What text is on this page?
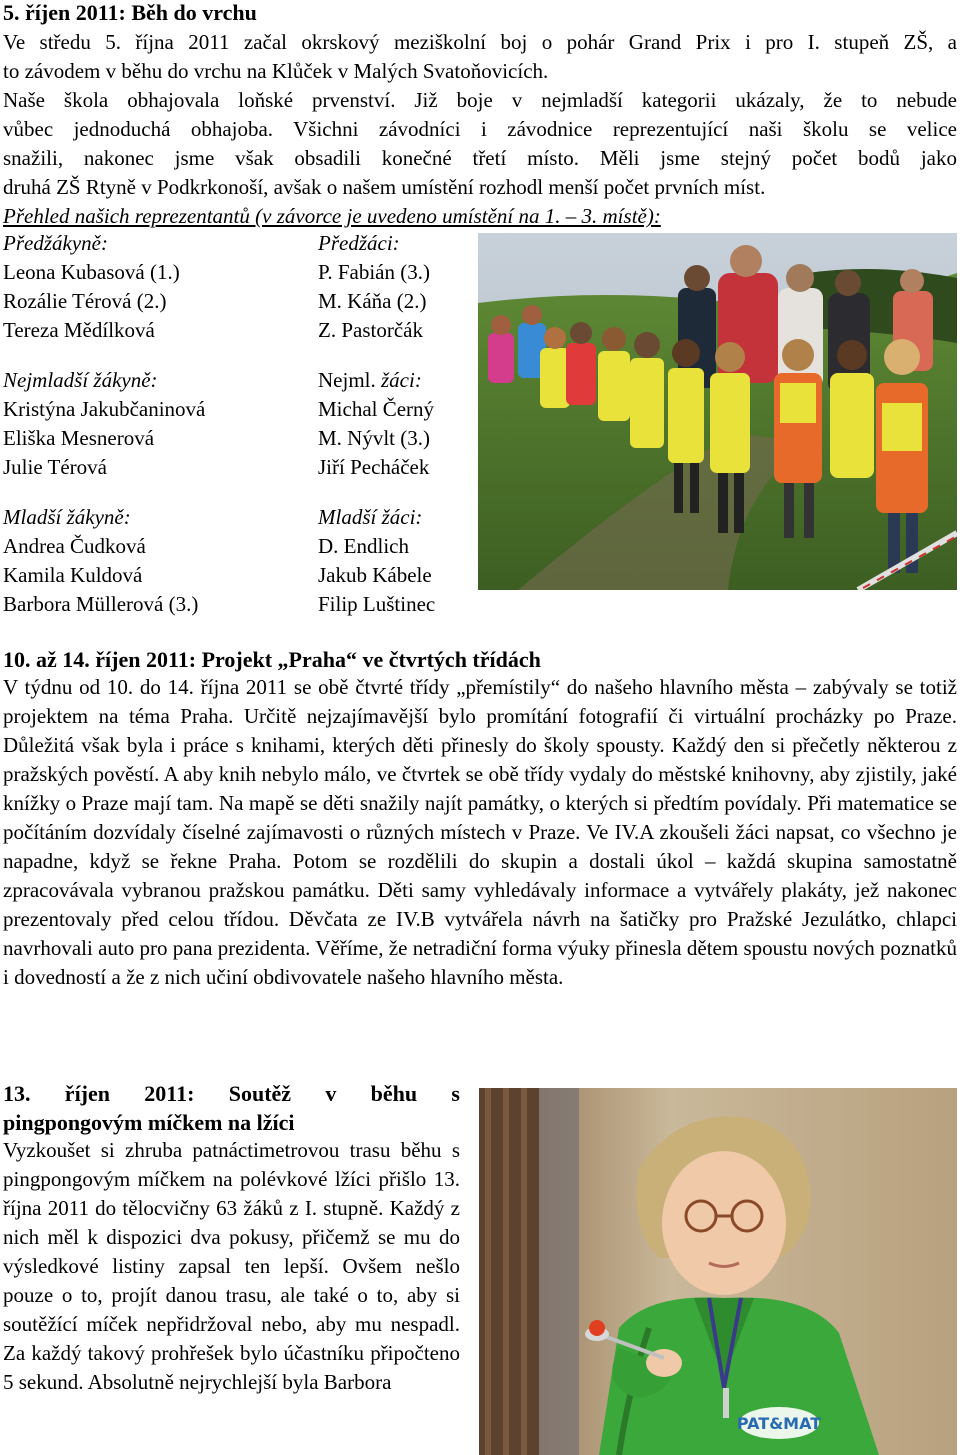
5. říjen 2011: Běh do vrchu
Ve středu 5. října 2011 začal okrskový meziškolní boj o pohár Grand Prix i pro I. stupeň ZŠ, a
to závodem v běhu do vrchu na Klůček v Malých Svatoňovicích.
Naše škola obhajovala loňské prvenství. Již boje v nejmladší kategorii ukázaly, že to nebude
vůbec jednoduchá obhajoba. Všichni závodníci i závodnice reprezentující naši školu se velice
snažili, nakonec jsme však obsadili konečné třetí místo. Měli jsme stejný počet bodů jako
druhá ZŠ Rtyně v Podkrkonoší, avšak o našem umístění rozhodl menší počet prvních míst.
Přehled našich reprezentantů (v závorce je uvedeno umístění na 1. – 3. místě):
Předžákyně:	Předžáci:
Leona Kubasová (1.)	P. Fabián (3.)
Rozálie Térová (2.)	M. Káňa (2.)
Tereza Mědílková	Z. Pastorčák
Nejmladší žákyně:	Nejml. žáci:
Kristýna Jakubčaninová	Michal Černý
Eliška Mesnerová	M. Nývlt (3.)
Julie Térová	Jiří Pecháček
Mladší žákyně:	Mladší žáci:
Andrea Čudková	D. Endlich
Kamila Kuldová	Jakub Kábele
Barbora Müllerová (3.)	Filip Luštinec
10. až 14. říjen 2011: Projekt „Praha“ ve čtvrtých třídách
V týdnu od 10. do 14. října 2011 se obě čtvrté třídy „přemístily“ do našeho hlavního města – zabývaly se totiž projektem na téma Praha. Určitě nejzajímavější bylo promítání fotografií či virtuální procházky po Praze. Důležitá však byla i práce s knihami, kterých děti přinesly do školy spousty. Každý den si přečetly některou z pražských pověstí. A aby knih nebylo málo, ve čtvrtek se obě třídy vydaly do městské knihovny, aby zjistily, jaké knížky o Praze mají tam. Na mapě se děti snažily najít památky, o kterých si předtím povídaly. Při matematice se počítáním dozvídaly číselné zajímavosti o různých místech v Praze. Ve IV.A zkoušeli žáci napsat, co všechno je napadne, když se řekne Praha. Potom se rozdělili do skupin a dostali úkol – každá skupina samostatně zpracovávala vybranou pražskou památku. Děti samy vyhledávaly informace a vytvářely plakáty, jež nakonec prezentovaly před celou třídou. Děvčata ze IV.B vytvářela návrh na šatičky pro Pražské Jezulátko, chlapci navrhovali auto pro pana prezidenta. Věříme, že netradiční forma výuky přinesla dětem spoustu nových poznatků i dovedností a že z nich učiní obdivovatele našeho hlavního města.
13. říjen 2011: Soutěž v běhu s
pingpongovým míčkem na lžíci
Vyzkoušet si zhruba patnáctimetrovou trasu běhu s pingpongovým míčkem na polévkové lžíci přišlo 13. října 2011 do tělocvičny 63 žáků z I. stupně. Každý z nich měl k dispozici dva pokusy, přičemž se mu do výsledkové listiny zapsal ten lepší. Ovšem nešlo pouze o to, projít danou trasu, ale také o to, aby si soutěžící míček nepřidržoval nebo, aby mu nespadl. Za každý takový prohřešek bylo účastníku připočteno 5 sekund. Absolutně nejrychlejší byla Barbora
PAT&MAT
